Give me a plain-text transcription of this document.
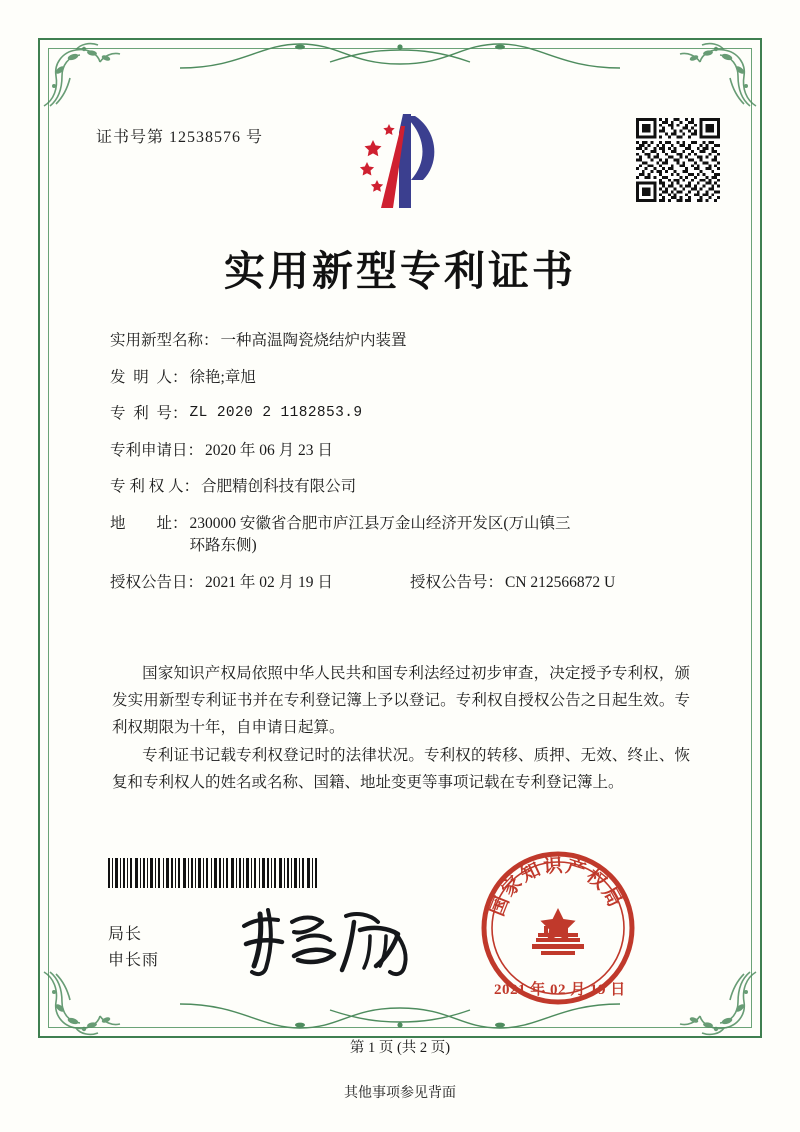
证书号第 12538576 号
实用新型专利证书
实用新型名称： 一种高温陶瓷烧结炉内装置
发  明  人： 徐艳;章旭
专  利  号： ZL 2020 2 1182853.9
专利申请日： 2020 年 06 月 23 日
专 利 权 人： 合肥精创科技有限公司
地        址： 230000 安徽省合肥市庐江县万金山经济开发区(万山镇三
环路东侧)
授权公告日： 2021 年 02 月 19 日	授权公告号： CN 212566872 U
国家知识产权局依照中华人民共和国专利法经过初步审查，决定授予专利权，颁发实用新型专利证书并在专利登记簿上予以登记。专利权自授权公告之日起生效。专利权期限为十年，自申请日起算。
专利证书记载专利权登记时的法律状况。专利权的转移、质押、无效、终止、恢复和专利权人的姓名或名称、国籍、地址变更等事项记载在专利登记簿上。
局长
申长雨
国家知识产权局
2021 年 02 月 19 日
第 1 页 (共 2 页)
其他事项参见背面
